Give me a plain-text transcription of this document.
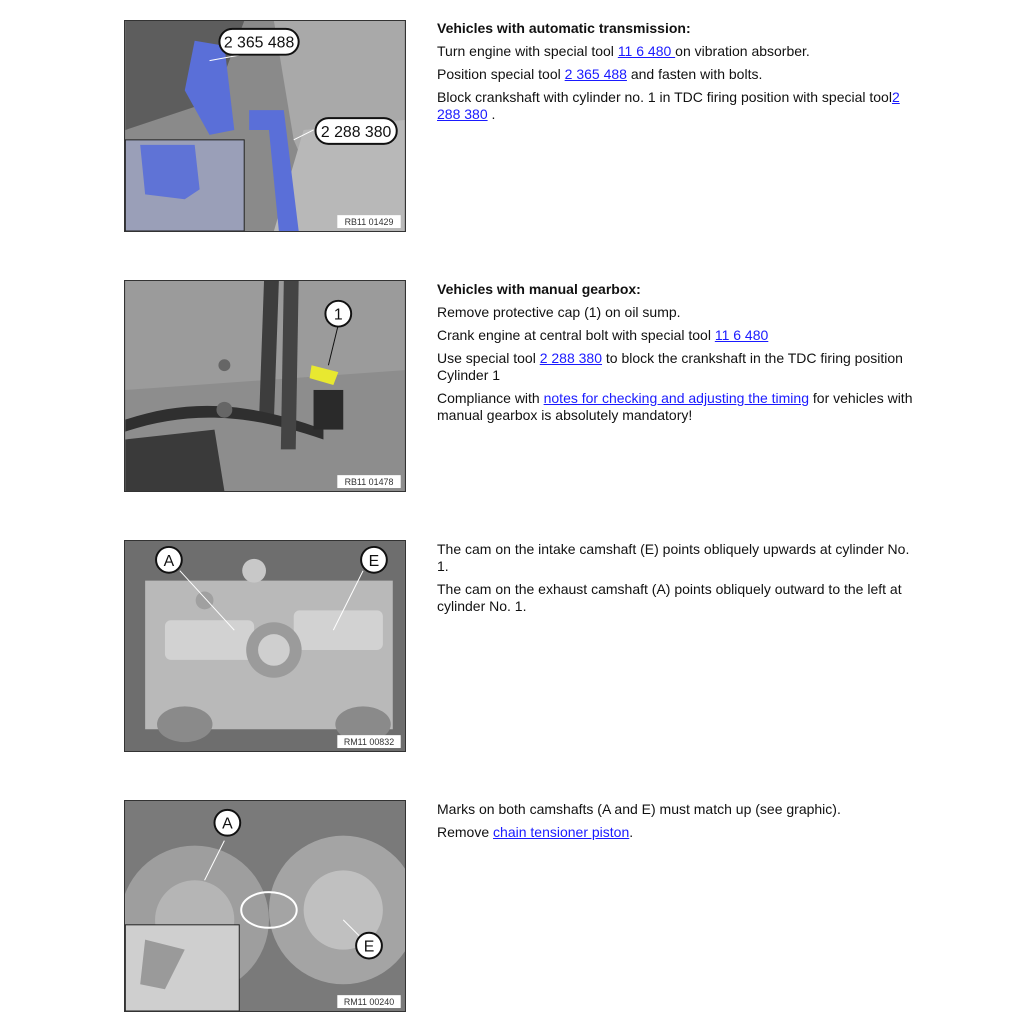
2 365 488
2 288 380
RB11 01429

Vehicles with automatic transmission:

Turn engine with special tool 11 6 480 on vibration absorber.

Position special tool 2 365 488 and fasten with bolts.

Block crankshaft with cylinder no. 1 in TDC firing position with special tool2 288 380 .

1
RB11 01478

Vehicles with manual gearbox:

Remove protective cap (1) on oil sump.

Crank engine at central bolt with special tool 11 6 480

Use special tool 2 288 380 to block the crankshaft in the TDC firing position Cylinder 1

Compliance with notes for checking and adjusting the timing for vehicles with manual gearbox is absolutely mandatory!

A	E
RM11 00832

The cam on the intake camshaft (E) points obliquely upwards at cylinder No. 1.

The cam on the exhaust camshaft (A) points obliquely outward to the left at cylinder No. 1.

A
E
RM11 00240

Marks on both camshafts (A and E) must match up (see graphic).

Remove chain tensioner piston.
